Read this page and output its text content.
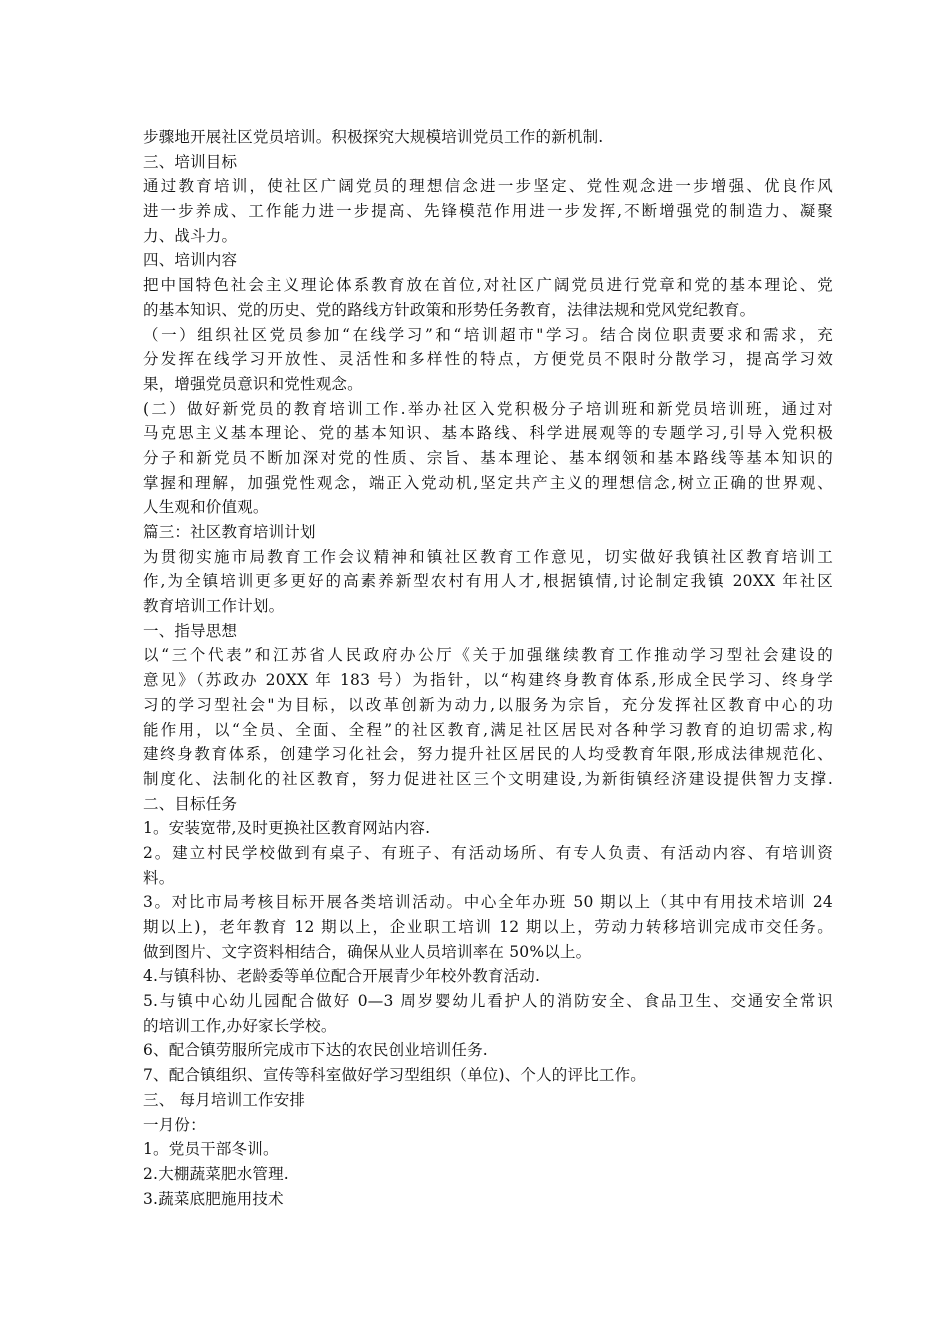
步骤地开展社区党员培训。积极探究大规模培训党员工作的新机制.
三、培训目标
通过教育培训，使社区广阔党员的理想信念进一步坚定、党性观念进一步增强、优良作风
进一步养成、工作能力进一步提高、先锋模范作用进一步发挥,不断增强党的制造力、凝聚
力、战斗力。
四、培训内容
把中国特色社会主义理论体系教育放在首位,对社区广阔党员进行党章和党的基本理论、党
的基本知识、党的历史、党的路线方针政策和形势任务教育，法律法规和党风党纪教育。
（一）组织社区党员参加“在线学习”和“培训超市"学习。结合岗位职责要求和需求，充
分发挥在线学习开放性、灵活性和多样性的特点，方便党员不限时分散学习，提高学习效
果，增强党员意识和党性观念。
(二）做好新党员的教育培训工作.举办社区入党积极分子培训班和新党员培训班，通过对
马克思主义基本理论、党的基本知识、基本路线、科学进展观等的专题学习,引导入党积极
分子和新党员不断加深对党的性质、宗旨、基本理论、基本纲领和基本路线等基本知识的
掌握和理解，加强党性观念，端正入党动机,坚定共产主义的理想信念,树立正确的世界观、
人生观和价值观。
篇三：社区教育培训计划
为贯彻实施市局教育工作会议精神和镇社区教育工作意见，切实做好我镇社区教育培训工
作,为全镇培训更多更好的高素养新型农村有用人才,根据镇情,讨论制定我镇 20XX 年社区
教育培训工作计划。
一、指导思想
以“三个代表”和江苏省人民政府办公厅《关于加强继续教育工作推动学习型社会建设的
意见》（苏政办 20XX 年 183 号）为指针，以“构建终身教育体系,形成全民学习、终身学
习的学习型社会"为目标，以改革创新为动力,以服务为宗旨，充分发挥社区教育中心的功
能作用，以“全员、全面、全程”的社区教育,满足社区居民对各种学习教育的迫切需求,构
建终身教育体系，创建学习化社会，努力提升社区居民的人均受教育年限,形成法律规范化、
制度化、法制化的社区教育，努力促进社区三个文明建设,为新街镇经济建设提供智力支撑.
二、目标任务
1。安装宽带,及时更换社区教育网站内容.
2。建立村民学校做到有桌子、有班子、有活动场所、有专人负责、有活动内容、有培训资
料。
3。对比市局考核目标开展各类培训活动。中心全年办班 50 期以上（其中有用技术培训 24
期以上)，老年教育 12 期以上，企业职工培训 12 期以上，劳动力转移培训完成市交任务。
做到图片、文字资料相结合，确保从业人员培训率在 50%以上。
4.与镇科协、老龄委等单位配合开展青少年校外教育活动.
5.与镇中心幼儿园配合做好 0—3 周岁婴幼儿看护人的消防安全、食品卫生、交通安全常识
的培训工作,办好家长学校。
6、配合镇劳服所完成市下达的农民创业培训任务.
7、配合镇组织、宣传等科室做好学习型组织（单位)、个人的评比工作。
三、 每月培训工作安排
一月份：
1。党员干部冬训。
2.大棚蔬菜肥水管理.
3.蔬菜底肥施用技术
